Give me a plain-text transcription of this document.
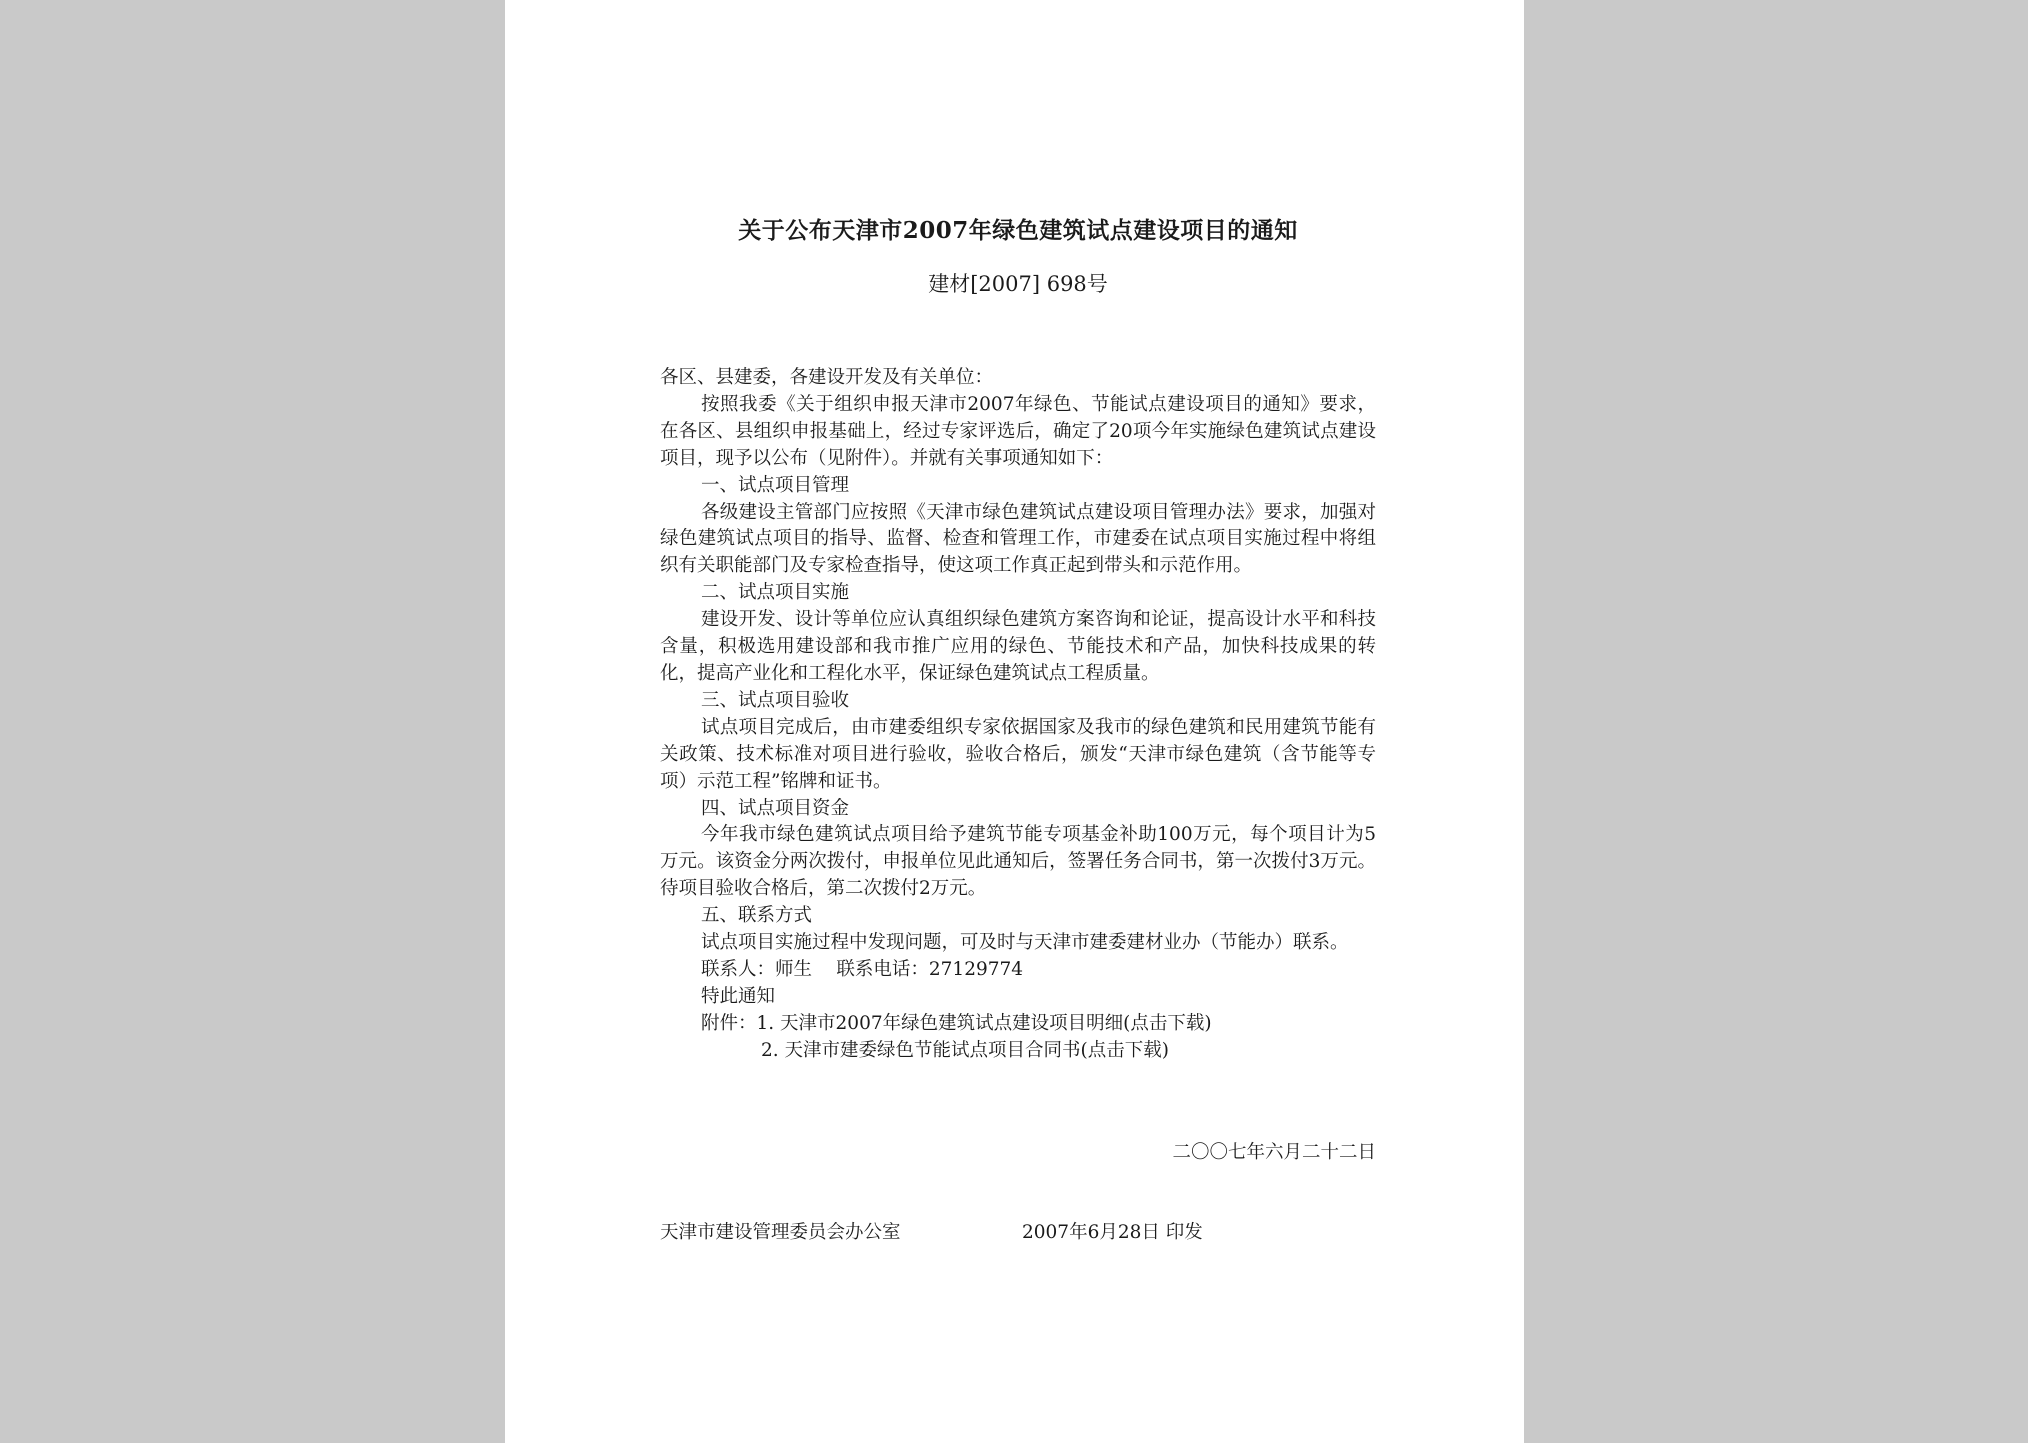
关于公布天津市2007年绿色建筑试点建设项目的通知
建材[2007] 698号

各区、县建委，各建设开发及有关单位：

按照我委《关于组织申报天津市2007年绿色、节能试点建设项目的通知》要求，在各区、县组织申报基础上，经过专家评选后，确定了20项今年实施绿色建筑试点建设项目，现予以公布（见附件）。并就有关事项通知如下：

一、试点项目管理

各级建设主管部门应按照《天津市绿色建筑试点建设项目管理办法》要求，加强对绿色建筑试点项目的指导、监督、检查和管理工作，市建委在试点项目实施过程中将组织有关职能部门及专家检查指导，使这项工作真正起到带头和示范作用。

二、试点项目实施

建设开发、设计等单位应认真组织绿色建筑方案咨询和论证，提高设计水平和科技含量，积极选用建设部和我市推广应用的绿色、节能技术和产品，加快科技成果的转化，提高产业化和工程化水平，保证绿色建筑试点工程质量。

三、试点项目验收

试点项目完成后，由市建委组织专家依据国家及我市的绿色建筑和民用建筑节能有关政策、技术标准对项目进行验收，验收合格后，颁发“天津市绿色建筑（含节能等专项）示范工程”铭牌和证书。

四、试点项目资金

今年我市绿色建筑试点项目给予建筑节能专项基金补助100万元，每个项目计为5万元。该资金分两次拨付，申报单位见此通知后，签署任务合同书，第一次拨付3万元。待项目验收合格后，第二次拨付2万元。

五、联系方式

试点项目实施过程中发现问题，可及时与天津市建委建材业办（节能办）联系。

联系人：师生　 联系电话：27129774

特此通知

附件：1. 天津市2007年绿色建筑试点建设项目明细(点击下载)

2. 天津市建委绿色节能试点项目合同书(点击下载)

二〇〇七年六月二十二日
天津市建设管理委员会办公室	2007年6月28日 印发
